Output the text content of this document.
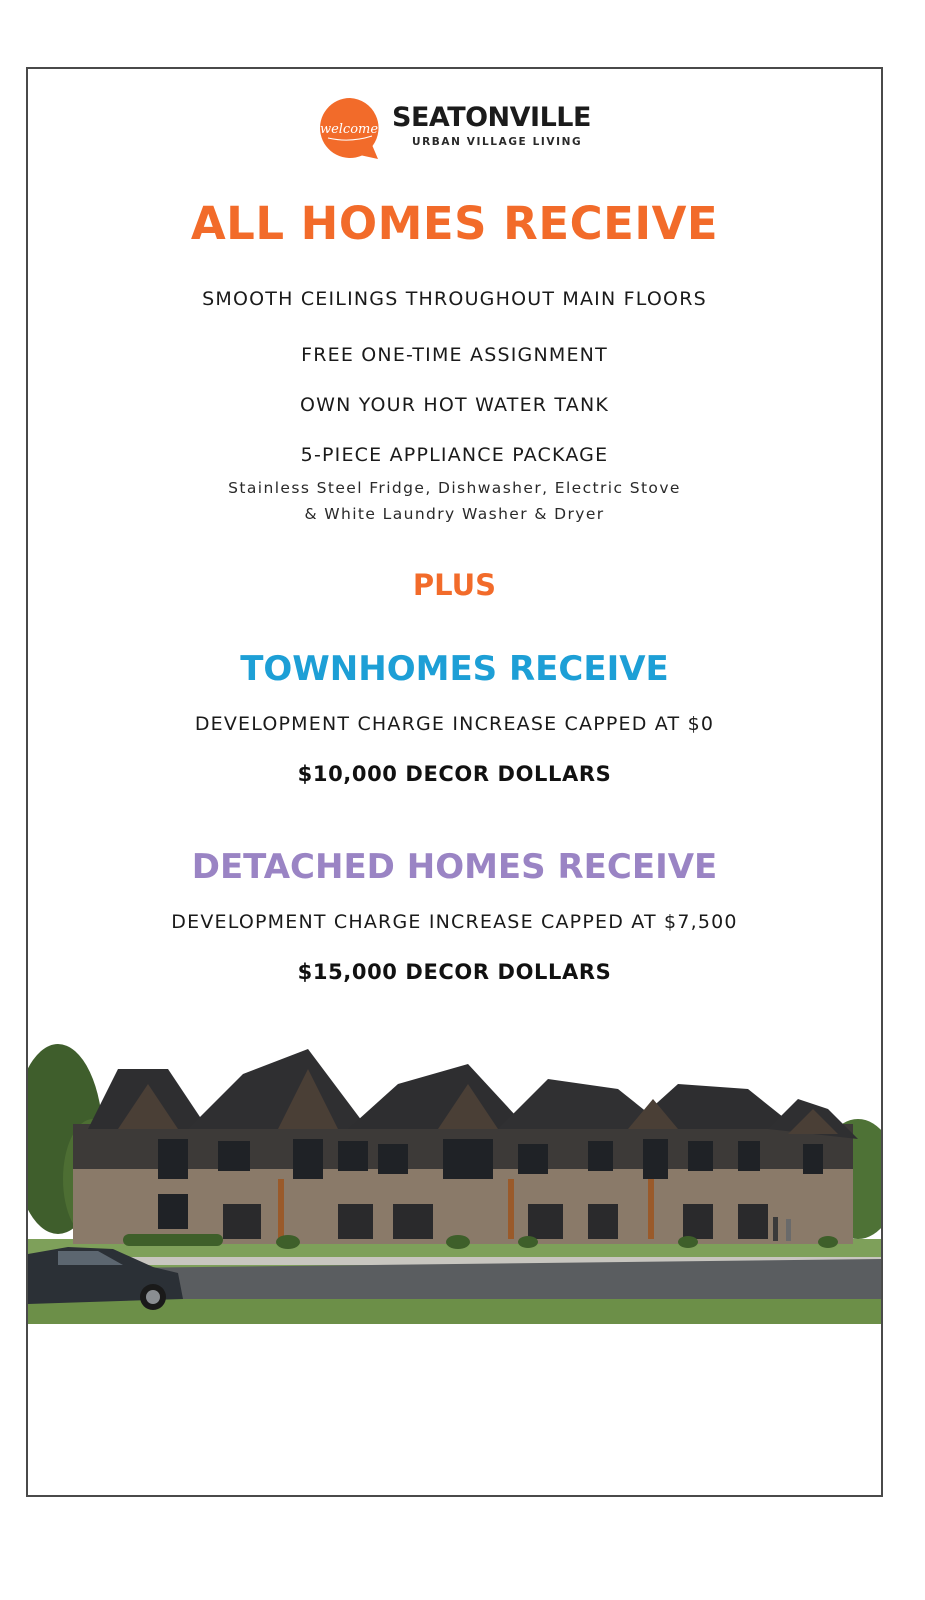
welcome SEATONVILLE
URBAN VILLAGE LIVING
ALL HOMES RECEIVE
SMOOTH CEILINGS THROUGHOUT MAIN FLOORS
FREE ONE-TIME ASSIGNMENT
OWN YOUR HOT WATER TANK
5-PIECE APPLIANCE PACKAGE
Stainless Steel Fridge, Dishwasher, Electric Stove
& White Laundry Washer & Dryer
PLUS
TOWNHOMES RECEIVE
DEVELOPMENT CHARGE INCREASE CAPPED AT $0
$10,000 DECOR DOLLARS
DETACHED HOMES RECEIVE
DEVELOPMENT CHARGE INCREASE CAPPED AT $7,500
$15,000 DECOR DOLLARS
